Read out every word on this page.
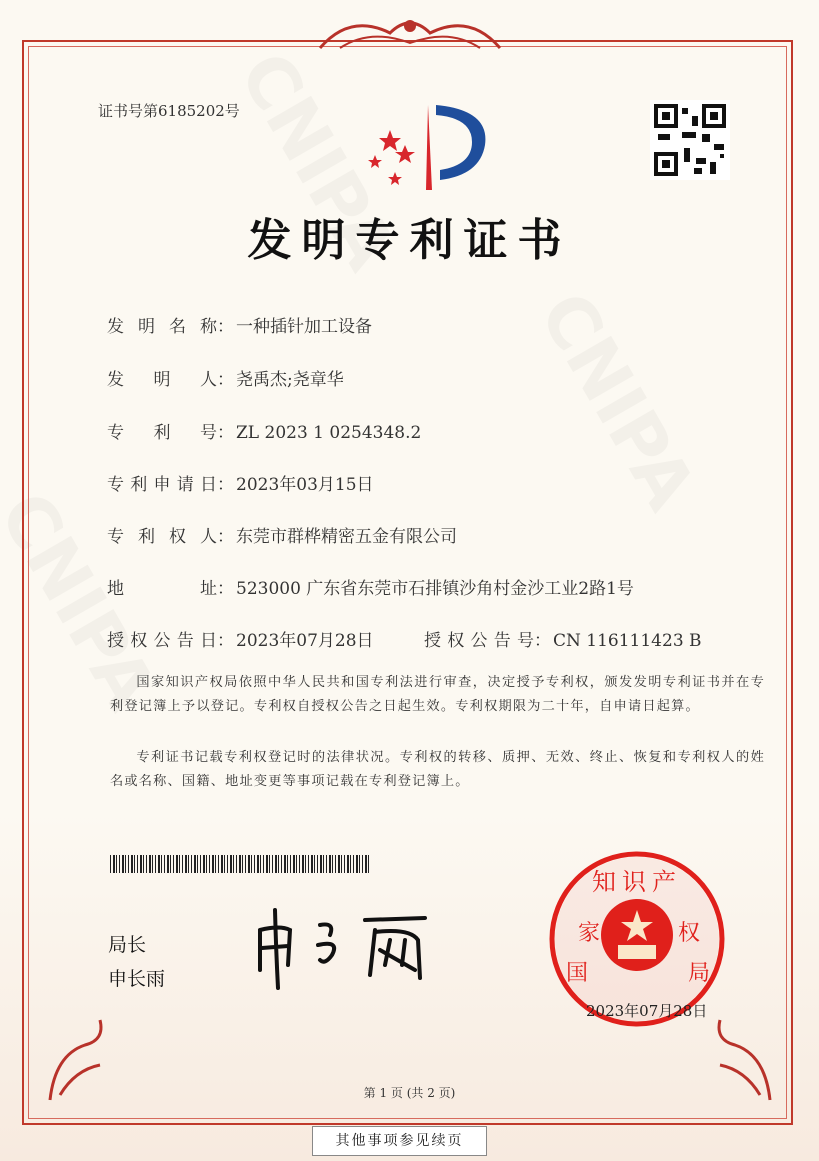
证书号第6185202号
发明专利证书
发明名称： 一种插针加工设备
发明人： 尧禹杰;尧章华
专利号： ZL 2023 1 0254348.2
专利申请日： 2023年03月15日
专利权人： 东莞市群桦精密五金有限公司
地址： 523000 广东省东莞市石排镇沙角村金沙工业2路1号
授权公告日： 2023年07月28日	授权公告号： CN 116111423 B
国家知识产权局依照中华人民共和国专利法进行审查，决定授予专利权，颁发发明专利证书并在专利登记簿上予以登记。专利权自授权公告之日起生效。专利权期限为二十年，自申请日起算。
专利证书记载专利权登记时的法律状况。专利权的转移、质押、无效、终止、恢复和专利权人的姓名或名称、国籍、地址变更等事项记载在专利登记簿上。
局长
申长雨
知识产
家	权
国	局
2023年07月28日
第 1 页 (共 2 页)
其他事项参见续页
